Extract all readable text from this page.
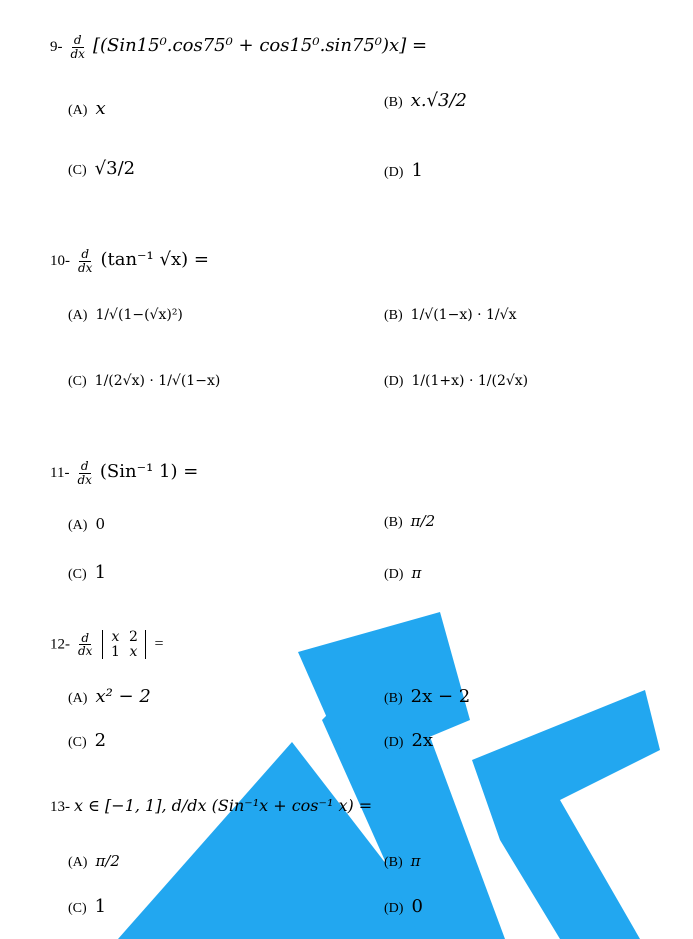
$9- \frac{d}{dx} [(Sin15^0.\cos 75^0 + \cos 15^0.\sin 75^0)x]$ =
(A) x	(B) x.√3/2
(C) √3/2	(D) 1
$10- \frac{d}{dx} (\tan^{-1}$ √x) =
(A) 1/√(1−(√x)²)	(B) 1/√(1−x) · 1/√x
(C) 1/(2√x) · 1/√(1−x)	(D) 1/(1+x) · 1/(2√x)
$11- \frac{d}{dx} (Sin^{-1}$ 1) =
(A) 0	(B) π/2
(C) 1	(D) π
$12- \frac{d}{dx}$
	x 2
1 x =
(A) x² − 2	(B) 2x − 2
(C) 2	(D) 2x
13- x ∈ [−1, 1], d/dx (Sin⁻¹x + cos⁻¹ x) =
(A) π/2	(B) π
(C) 1	(D) 0
